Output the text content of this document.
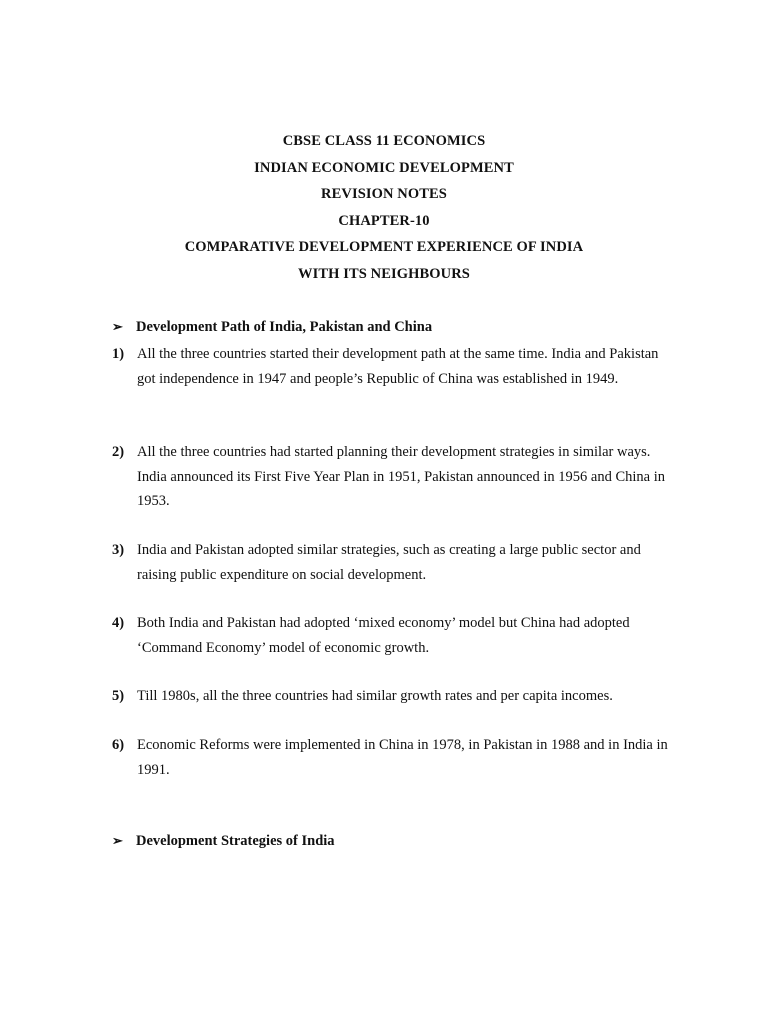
CBSE CLASS 11 ECONOMICS

INDIAN ECONOMIC DEVELOPMENT

REVISION NOTES

CHAPTER-10

COMPARATIVE DEVELOPMENT EXPERIENCE OF INDIA

WITH ITS NEIGHBOURS

➢ Development Path of India, Pakistan and China
1) All the three countries started their development path at the same time. India and Pakistan got independence in 1947 and people’s Republic of China was established in 1949.
2) All the three countries had started planning their development strategies in similar ways. India announced its First Five Year Plan in 1951, Pakistan announced in 1956 and China in 1953.
3) India and Pakistan adopted similar strategies, such as creating a large public sector and raising public expenditure on social development.
4) Both India and Pakistan had adopted ‘mixed economy’ model but China had adopted ‘Command Economy’ model of economic growth.
5) Till 1980s, all the three countries had similar growth rates and per capita incomes.
6) Economic Reforms were implemented in China in 1978, in Pakistan in 1988 and in India in 1991.
➢ Development Strategies of India
